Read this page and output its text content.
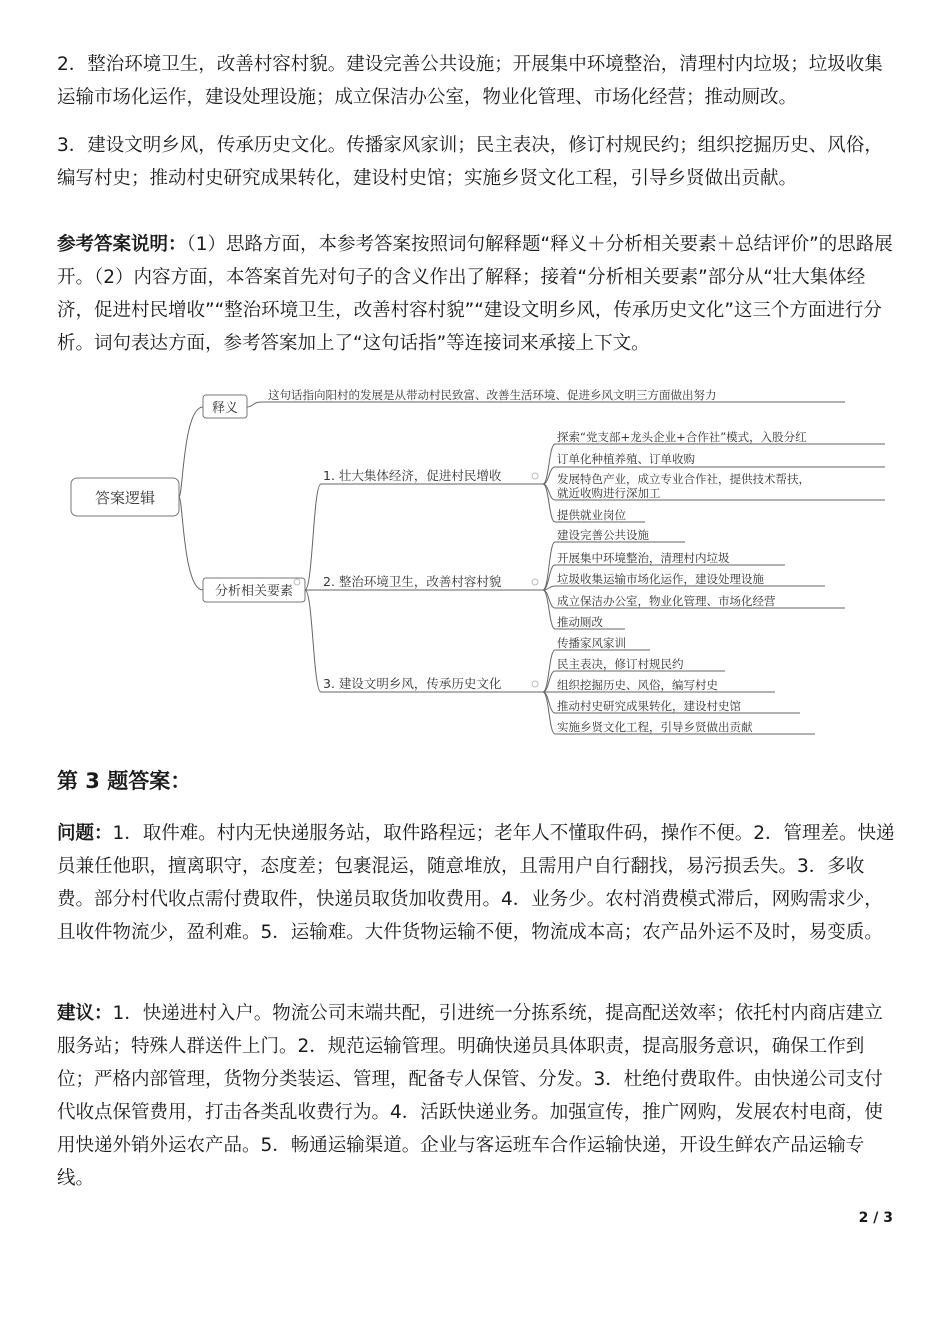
2．整治环境卫生，改善村容村貌。建设完善公共设施；开展集中环境整治，清理村内垃圾；垃圾收集运输市场化运作，建设处理设施；成立保洁办公室，物业化管理、市场化经营；推动厕改。

3．建设文明乡风，传承历史文化。传播家风家训；民主表决，修订村规民约；组织挖掘历史、风俗，编写村史；推动村史研究成果转化，建设村史馆；实施乡贤文化工程，引导乡贤做出贡献。

参考答案说明：（1）思路方面，本参考答案按照词句解释题“释义＋分析相关要素＋总结评价”的思路展开。（2）内容方面，本答案首先对句子的含义作出了解释；接着“分析相关要素”部分从“壮大集体经济，促进村民增收”“整治环境卫生，改善村容村貌”“建设文明乡风，传承历史文化”这三个方面进行分析。词句表达方面，参考答案加上了“这句话指”等连接词来承接上下文。

答案逻辑
释义
这句话指向阳村的发展是从带动村民致富、改善生活环境、促进乡风文明三方面做出努力
分析相关要素
1. 壮大集体经济，促进村民增收
2. 整治环境卫生，改善村容村貌
3. 建设文明乡风，传承历史文化
探索“党支部+龙头企业+合作社”模式，入股分红
订单化种植养殖、订单收购
发展特色产业，成立专业合作社，提供技术帮扶，
就近收购进行深加工
提供就业岗位
建设完善公共设施
开展集中环境整治，清理村内垃圾
垃圾收集运输市场化运作，建设处理设施
成立保洁办公室，物业化管理、市场化经营
推动厕改
传播家风家训
民主表决，修订村规民约
组织挖掘历史、风俗，编写村史
推动村史研究成果转化，建设村史馆
实施乡贤文化工程，引导乡贤做出贡献
第 3 题答案：

问题：1．取件难。村内无快递服务站，取件路程远；老年人不懂取件码，操作不便。2．管理差。快递员兼任他职，擅离职守，态度差；包裹混运，随意堆放，且需用户自行翻找，易污损丢失。3．多收费。部分村代收点需付费取件，快递员取货加收费用。4．业务少。农村消费模式滞后，网购需求少，且收件物流少，盈利难。5．运输难。大件货物运输不便，物流成本高；农产品外运不及时，易变质。

建议：1．快递进村入户。物流公司末端共配，引进统一分拣系统，提高配送效率；依托村内商店建立服务站；特殊人群送件上门。2．规范运输管理。明确快递员具体职责，提高服务意识，确保工作到位；严格内部管理，货物分类装运、管理，配备专人保管、分发。3．杜绝付费取件。由快递公司支付代收点保管费用，打击各类乱收费行为。4．活跃快递业务。加强宣传，推广网购，发展农村电商，使用快递外销外运农产品。5．畅通运输渠道。企业与客运班车合作运输快递，开设生鲜农产品运输专线。

2 / 3
